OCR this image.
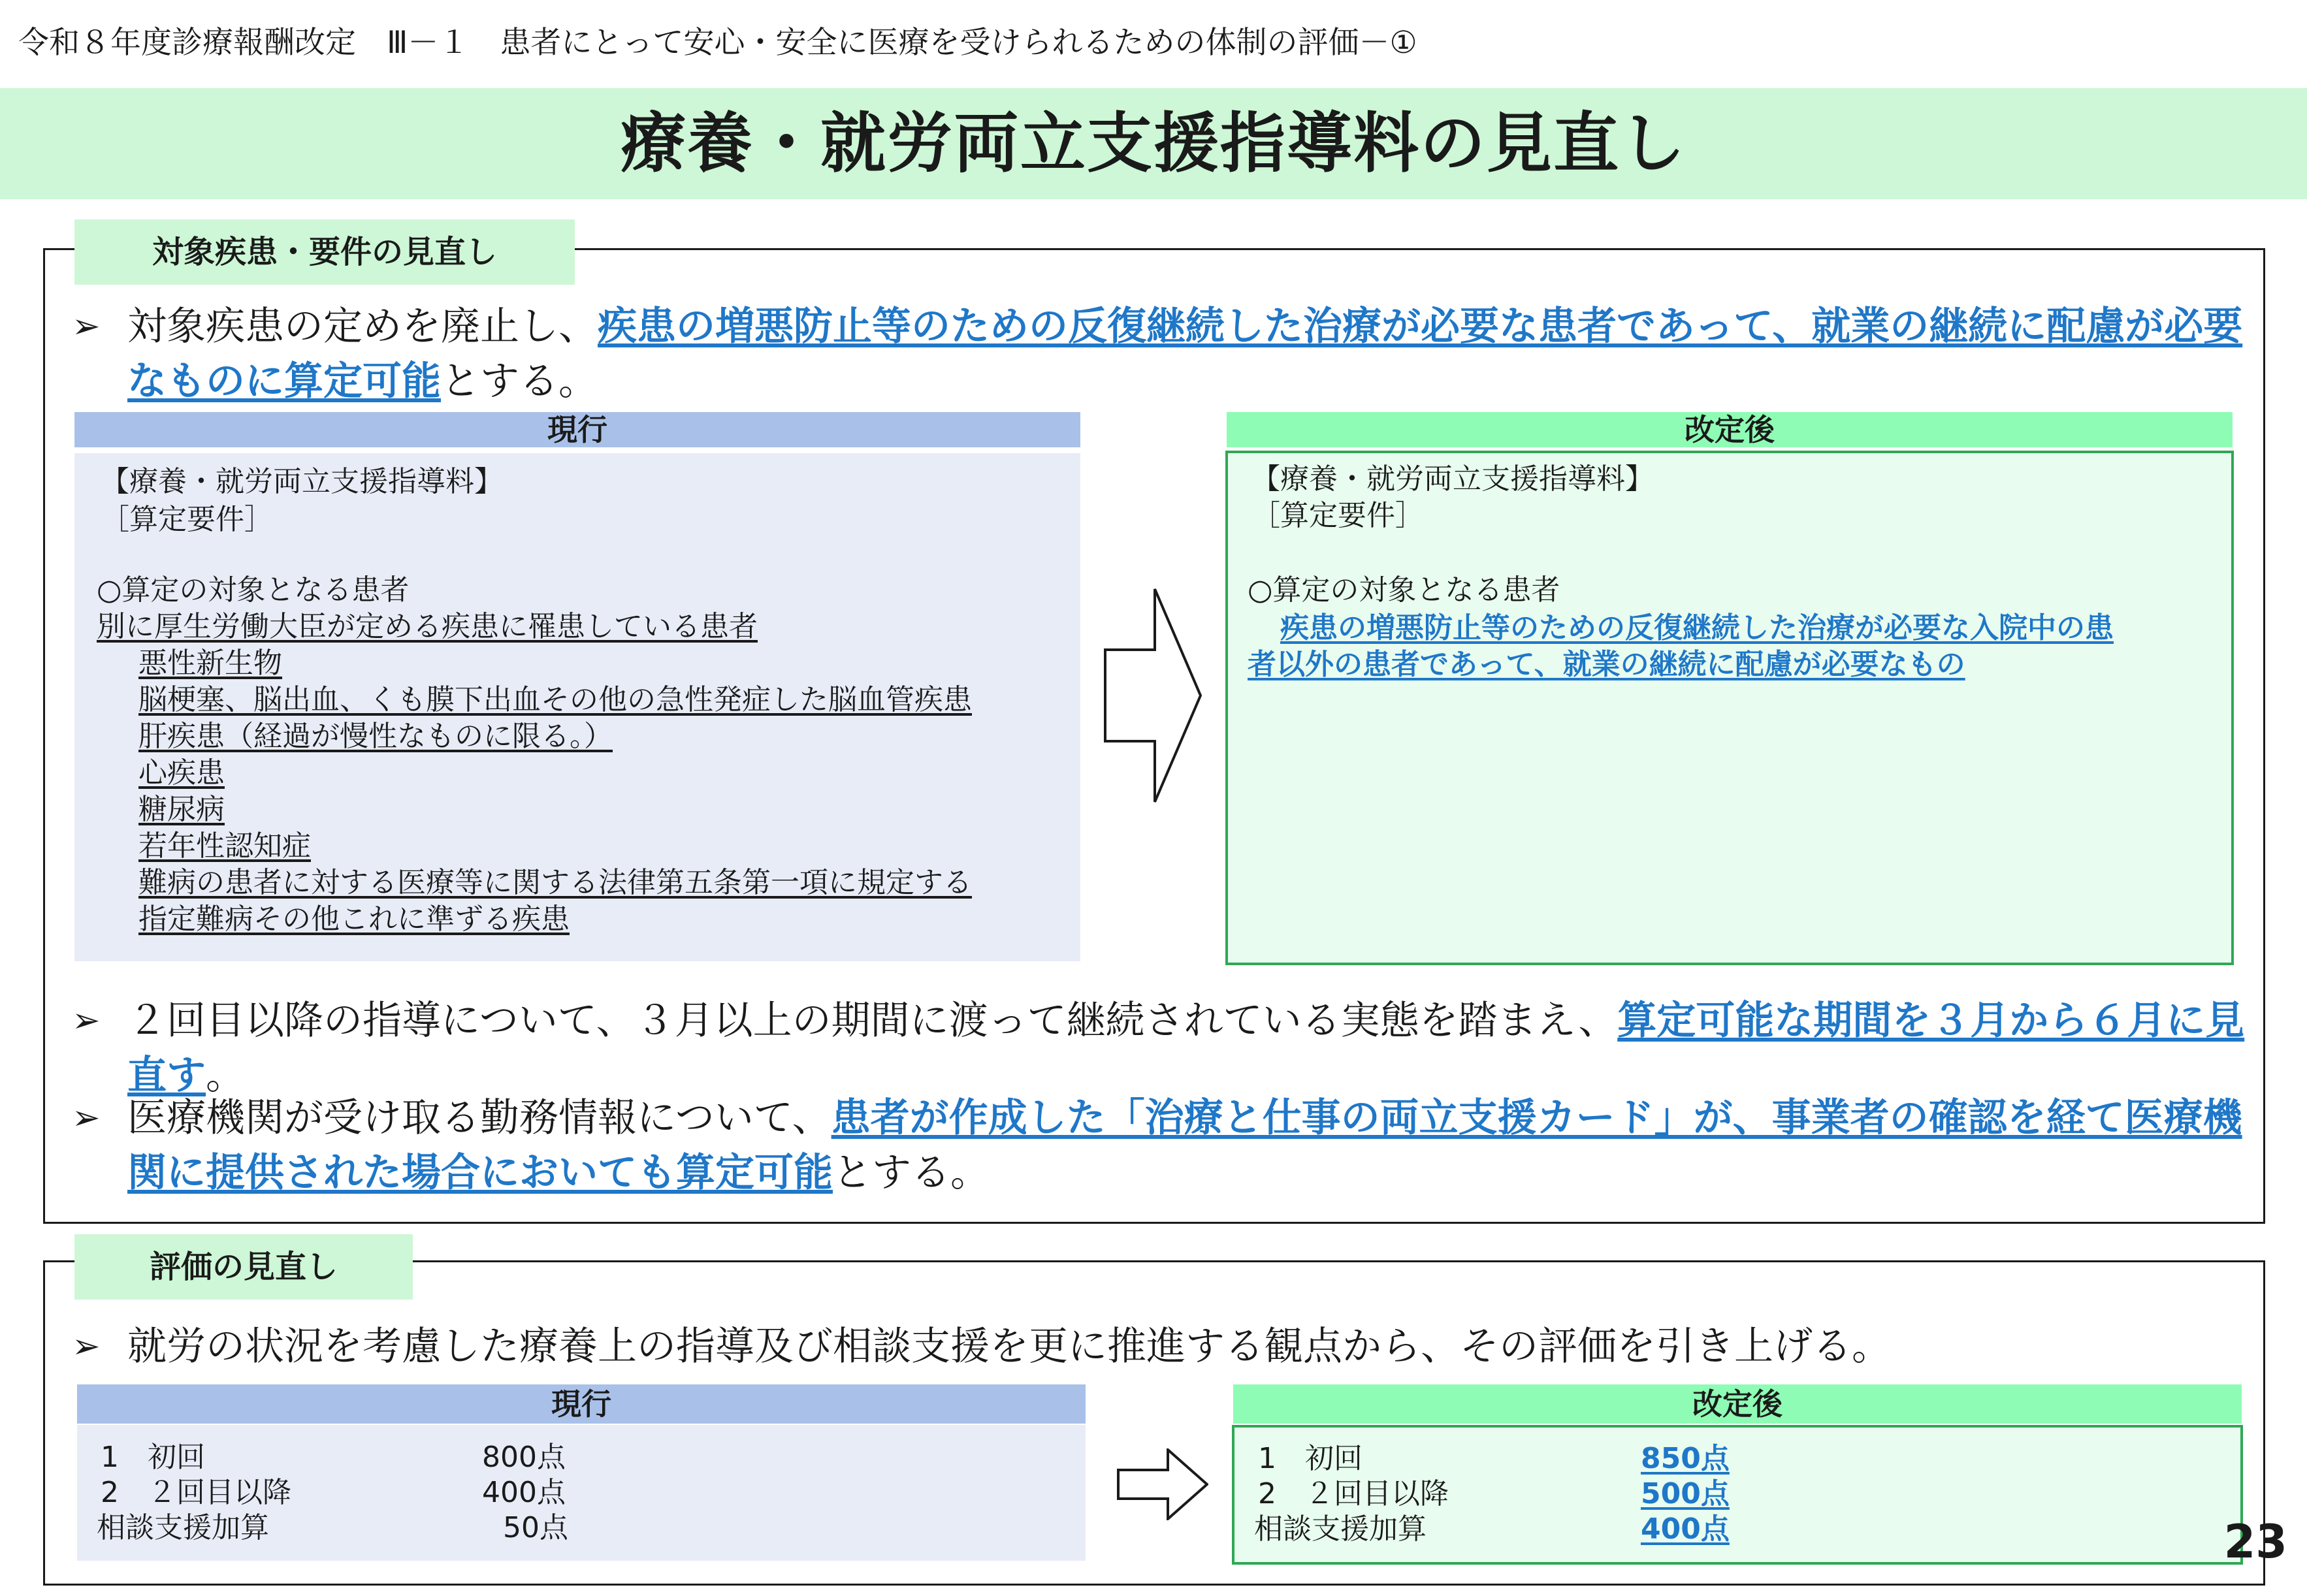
令和８年度診療報酬改定　Ⅲ－１　患者にとって安心・安全に医療を受けられるための体制の評価－①
療養・就労両立支援指導料の見直し
対象疾患・要件の見直し
➢ 対象疾患の定めを廃止し、疾患の増悪防止等のための反復継続した治療が必要な患者であって、就業の継続に配慮が必要なものに算定可能とする。
現行	改定後
【療養・就労両立支援指導料】
［算定要件］
○算定の対象となる患者
別に厚生労働大臣が定める疾患に罹患している患者
悪性新生物
脳梗塞、脳出血、くも膜下出血その他の急性発症した脳血管疾患
肝疾患（経過が慢性なものに限る。）
心疾患
糖尿病
若年性認知症
難病の患者に対する医療等に関する法律第五条第一項に規定する
指定難病その他これに準ずる疾患
【療養・就労両立支援指導料】
［算定要件］
○算定の対象となる患者
疾患の増悪防止等のための反復継続した治療が必要な入院中の患
者以外の患者であって、就業の継続に配慮が必要なもの
➢ ２回目以降の指導について、３月以上の期間に渡って継続されている実態を踏まえ、算定可能な期間を３月から６月に見直す。
➢ 医療機関が受け取る勤務情報について、患者が作成した「治療と仕事の両立支援カード」が、事業者の確認を経て医療機関に提供された場合においても算定可能とする。
評価の見直し
➢ 就労の状況を考慮した療養上の指導及び相談支援を更に推進する観点から、その評価を引き上げる。
現行	改定後
1　初回	800点
2　２回目以降	400点
相談支援加算	50点
1　初回	850点
2　２回目以降	500点
相談支援加算	400点	23
